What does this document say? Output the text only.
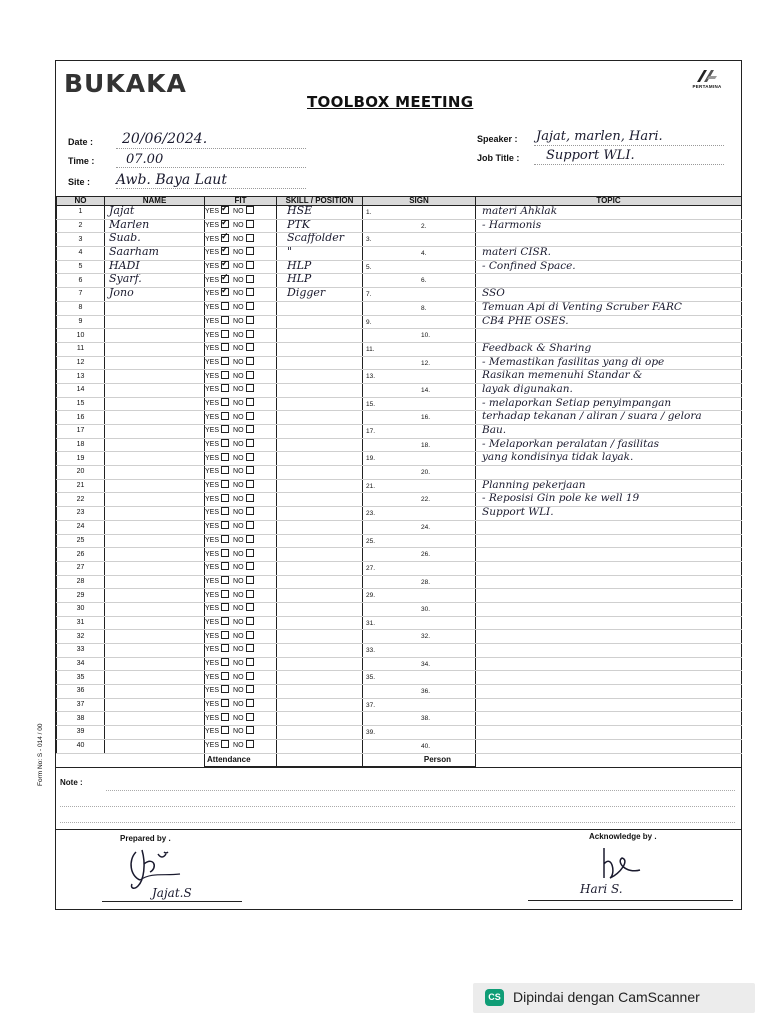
BUKAKA	PERTAMINA
TOOLBOX MEETING
Date : 20/06/2024.
Time : 07.00
Site : Awb. Baya Laut
Speaker : Jajat, marlen, Hari.
Job Title : Support WLI.
NO	NAME	FIT	SKILL / POSITION	SIGN	TOPIC
1	Jajat	YES ✓ NO	HSE	1.	materi Ahklak

2	Marlen	YES ✓ NO	PTK	2.	- Harmonis

3	Suab.	YES ✓ NO	Scaffolder	3.	

4	Saarham	YES ✓ NO	"	4.	materi CISR.

5	HADI	YES ✓ NO	HLP	5.	- Confined Space.

6	Syarf.	YES ✓ NO	HLP	6.	

7	Jono	YES ✓ NO	Digger	7.	SSO

8		YES NO		8.	Temuan Api di Venting Scruber FARC

9		YES NO		9.	CB4 PHE OSES.

10		YES NO		10.	

11		YES NO		11.	Feedback & Sharing

12		YES NO		12.	- Memastikan fasilitas yang di ope

13		YES NO		13.	Rasikan memenuhi Standar &

14		YES NO		14.	layak digunakan.

15		YES NO		15.	- melaporkan Setiap penyimpangan

16		YES NO		16.	terhadap tekanan / aliran / suara / gelora

17		YES NO		17.	Bau.

18		YES NO		18.	- Melaporkan peralatan / fasilitas

19		YES NO		19.	yang kondisinya tidak layak.

20		YES NO		20.	

21		YES NO		21.	Planning pekerjaan

22		YES NO		22.	- Reposisi Gin pole ke well 19

23		YES NO		23.	Support WLI.

24		YES NO		24.	

25		YES NO		25.	

26		YES NO		26.	

27		YES NO		27.	

28		YES NO		28.	

29		YES NO		29.	

30		YES NO		30.	

31		YES NO		31.	

32		YES NO		32.	

33		YES NO		33.	

34		YES NO		34.	

35		YES NO		35.	

36		YES NO		36.	

37		YES NO		37.	

38		YES NO		38.	

39		YES NO		39.	

40		YES NO		40.	

		Attendance		Person	
Note :
Form No: S - 014 / 00
Prepared by .
Jajat.S
Acknowledge by .
Hari S.
CS Dipindai dengan CamScanner
